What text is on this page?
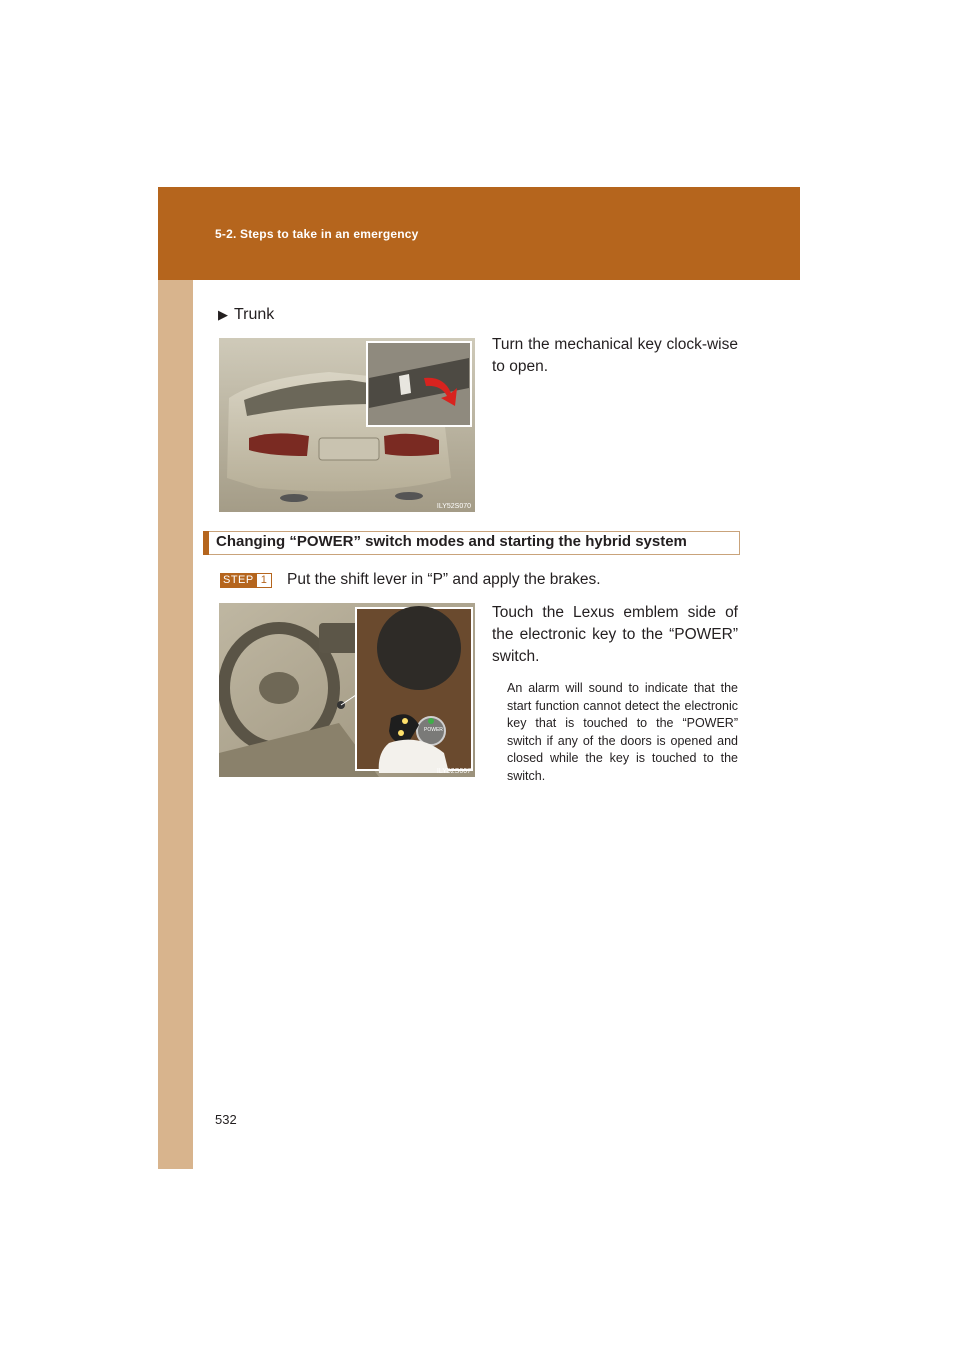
5-2. Steps to take in an emergency
▶ Trunk
ILY52S070
Turn the mechanical key clock-wise to open.
Changing “POWER” switch modes and starting the hybrid system
STEP 1	Put the shift lever in “P” and apply the brakes.
POWER
ILY52S007
Touch the Lexus emblem side of the electronic key to the “POWER” switch.
An alarm will sound to indicate that the start function cannot detect the electronic key that is touched to the “POWER” switch if any of the doors is opened and closed while the key is touched to the switch.
532
